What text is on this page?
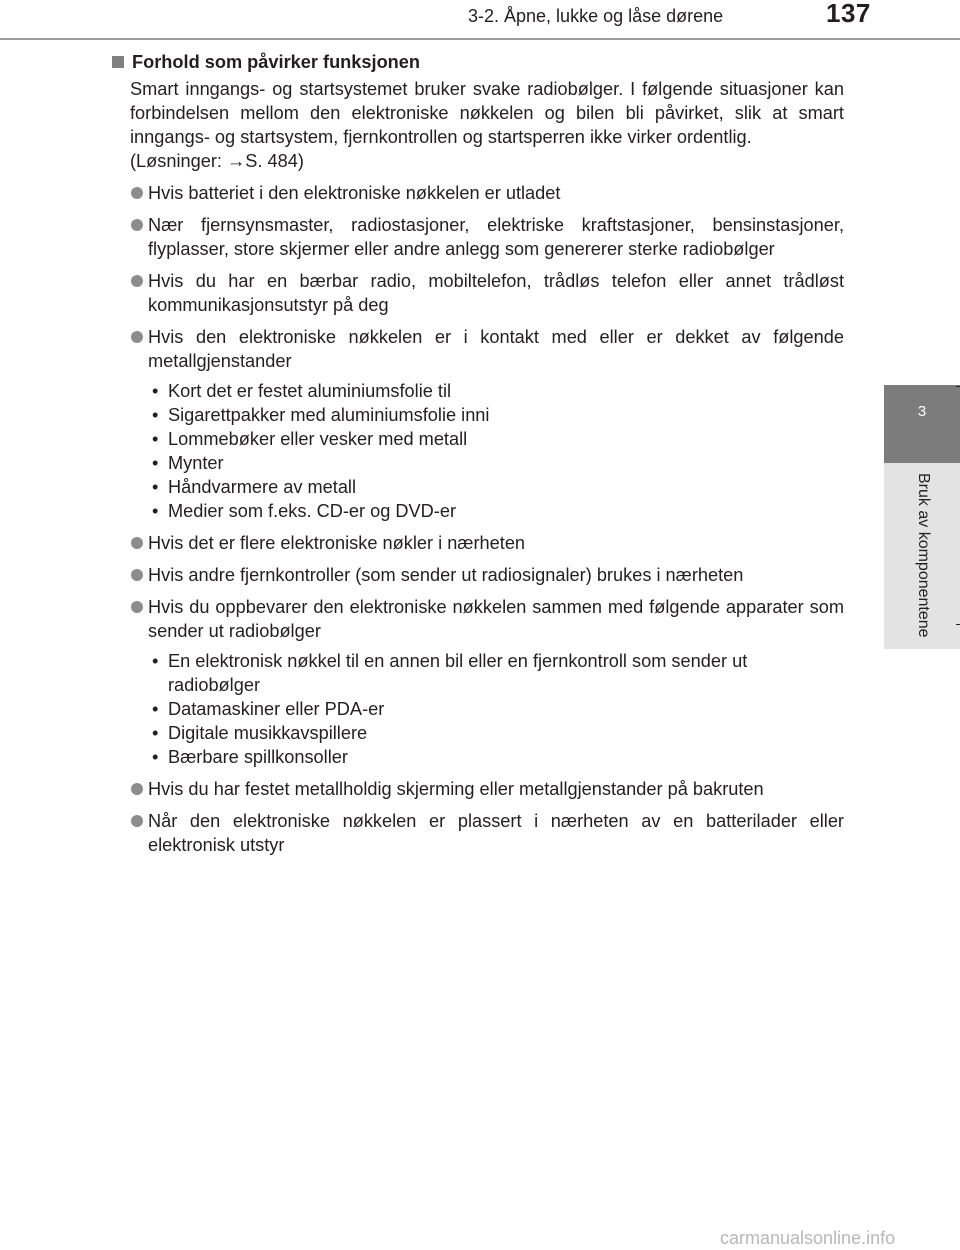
3-2. Åpne, lukke og låse dørene	137
3
Bruk av komponentene
Forhold som påvirker funksjonen

Smart inngangs- og startsystemet bruker svake radiobølger. I følgende situasjoner kan forbindelsen mellom den elektroniske nøkkelen og bilen bli påvirket, slik at smart inngangs- og startsystem, fjernkontrollen og startsperren ikke virker ordentlig.

(Løsninger: →S. 484)

Hvis batteriet i den elektroniske nøkkelen er utladet
Nær fjernsynsmaster, radiostasjoner, elektriske kraftstasjoner, bensinstasjoner, flyplasser, store skjermer eller andre anlegg som genererer sterke radiobølger
Hvis du har en bærbar radio, mobiltelefon, trådløs telefon eller annet trådløst kommunikasjonsutstyr på deg
Hvis den elektroniske nøkkelen er i kontakt med eller er dekket av følgende metallgjenstander
• Kort det er festet aluminiumsfolie til
• Sigarettpakker med aluminiumsfolie inni
• Lommebøker eller vesker med metall
• Mynter
• Håndvarmere av metall
• Medier som f.eks. CD-er og DVD-er
Hvis det er flere elektroniske nøkler i nærheten
Hvis andre fjernkontroller (som sender ut radiosignaler) brukes i nærheten
Hvis du oppbevarer den elektroniske nøkkelen sammen med følgende apparater som sender ut radiobølger
• En elektronisk nøkkel til en annen bil eller en fjernkontroll som sender ut radiobølger
• Datamaskiner eller PDA-er
• Digitale musikkavspillere
• Bærbare spillkonsoller
Hvis du har festet metallholdig skjerming eller metallgjenstander på bakruten
Når den elektroniske nøkkelen er plassert i nærheten av en batterilader eller elektronisk utstyr
carmanualsonline.info
